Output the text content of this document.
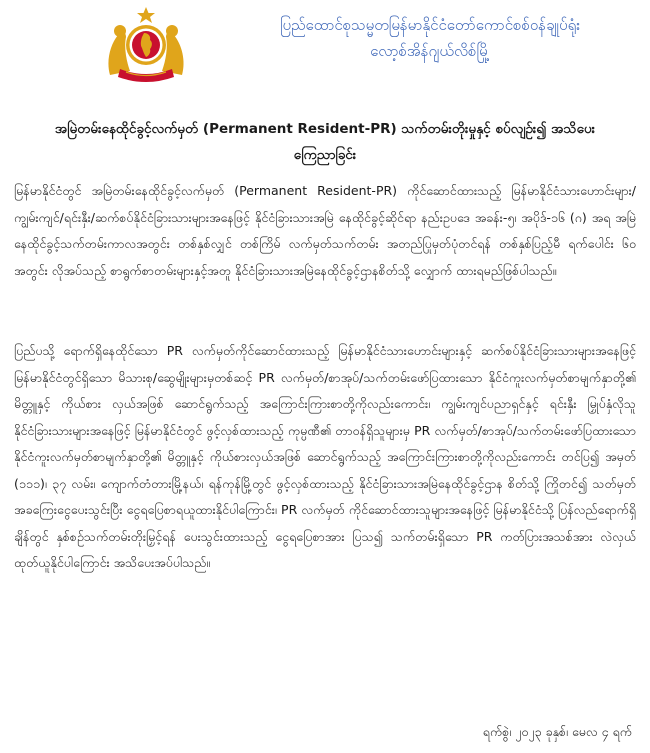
ပြည်ထောင်စုသမ္မတမြန်မာနိုင်ငံတော်ကောင်စစ်ဝန်ချုပ်ရုံး
လော့စ်အိန်ဂျယ်လိစ်မြို့
အမြဲတမ်းနေထိုင်ခွင့်လက်မှတ် (Permanent Resident-PR) သက်တမ်းတိုးမှုနှင့် စပ်လျဉ်း၍ အသိပေး
ကြေညာခြင်း

မြန်မာနိုင်ငံတွင် အမြဲတမ်းနေထိုင်ခွင့်လက်မှတ် (Permanent Resident-PR) ကိုင်ဆောင်ထားသည့် မြန်မာနိုင်ငံသားဟောင်းများ/ ကျွမ်းကျင်/ရင်းနှီး/ဆက်စပ်နိုင်ငံခြားသားများအနေဖြင့် နိုင်ငံခြားသားအမြဲ နေထိုင်ခွင့်ဆိုင်ရာ နည်းဥပဒေ အခန်း-၅၊ အပိုဒ်-၁၆ (ဂ) အရ အမြဲနေထိုင်ခွင့်သက်တမ်းကာလအတွင်း တစ်နှစ်လျှင် တစ်ကြိမ် လက်မှတ်သက်တမ်း အတည်ပြုမှတ်ပုံတင်ရန် တစ်နှစ်ပြည့်မီ ရက်ပေါင်း ၆၀ အတွင်း လိုအပ်သည့် စာရွက်စာတမ်းများနှင့်အတူ နိုင်ငံခြားသားအမြဲနေထိုင်ခွင့်ဌာနစိတ်သို့ လျှောက် ထားရမည်ဖြစ်ပါသည်။

ပြည်ပသို့ ရောက်ရှိနေထိုင်သော PR လက်မှတ်ကိုင်ဆောင်ထားသည့် မြန်မာနိုင်ငံသားဟောင်းများနှင့် ဆက်စပ်နိုင်ငံခြားသားများအနေဖြင့် မြန်မာနိုင်ငံတွင်ရှိသော မိသားစု/ဆွေမျိုးများမှတစ်ဆင့် PR လက်မှတ်/စာအုပ်/သက်တမ်းဖော်ပြထားသော နိုင်ငံကူးလက်မှတ်စာမျက်နှာတို့၏ မိတ္တူနှင့် ကိုယ်စား လှယ်အဖြစ် ဆောင်ရွက်သည့် အကြောင်းကြားစာတို့ကိုလည်းကောင်း၊ ကျွမ်းကျင်ပညာရှင်နှင့် ရင်းနှီး မြှုပ်နှံလိုသူနိုင်ငံခြားသားများအနေဖြင့် မြန်မာနိုင်ငံတွင် ဖွင့်လှစ်ထားသည့် ကုမ္ပဏီ၏ တာဝန်ရှိသူများမှ PR လက်မှတ်/စာအုပ်/သက်တမ်းဖော်ပြထားသော နိုင်ငံကူးလက်မှတ်စာမျက်နှာတို့၏ မိတ္တူနှင့် ကိုယ်စားလှယ်အဖြစ် ဆောင်ရွက်သည့် အကြောင်းကြားစာတို့ကိုလည်းကောင်း တင်ပြ၍ အမှတ် (၁၁၁)၊ ၃၇ လမ်း၊ ကျောက်တံတားမြို့နယ်၊ ရန်ကုန်မြို့တွင် ဖွင့်လှစ်ထားသည့် နိုင်ငံခြားသားအမြဲနေထိုင်ခွင့်ဌာန စိတ်သို့ ကြိုတင်၍ သတ်မှတ်အခကြေးငွေပေးသွင်းပြီး ငွေရပြေစာရယူထားနိုင်ပါကြောင်း၊ PR လက်မှတ် ကိုင်ဆောင်ထားသူများအနေဖြင့် မြန်မာနိုင်ငံသို့ ပြန်လည်ရောက်ရှိချိန်တွင် နှစ်စဉ်သက်တမ်းတိုးမြှင့်ရန် ပေးသွင်းထားသည့် ငွေရပြေစာအား ပြသ၍ သက်တမ်းရှိသော PR ကတ်ပြားအသစ်အား လဲလှယ် ထုတ်ယူနိုင်ပါကြောင်း အသိပေးအပ်ပါသည်။

ရက်စွဲ၊ ၂၀၂၃ ခုနှစ်၊ မေလ ၄ ရက်
